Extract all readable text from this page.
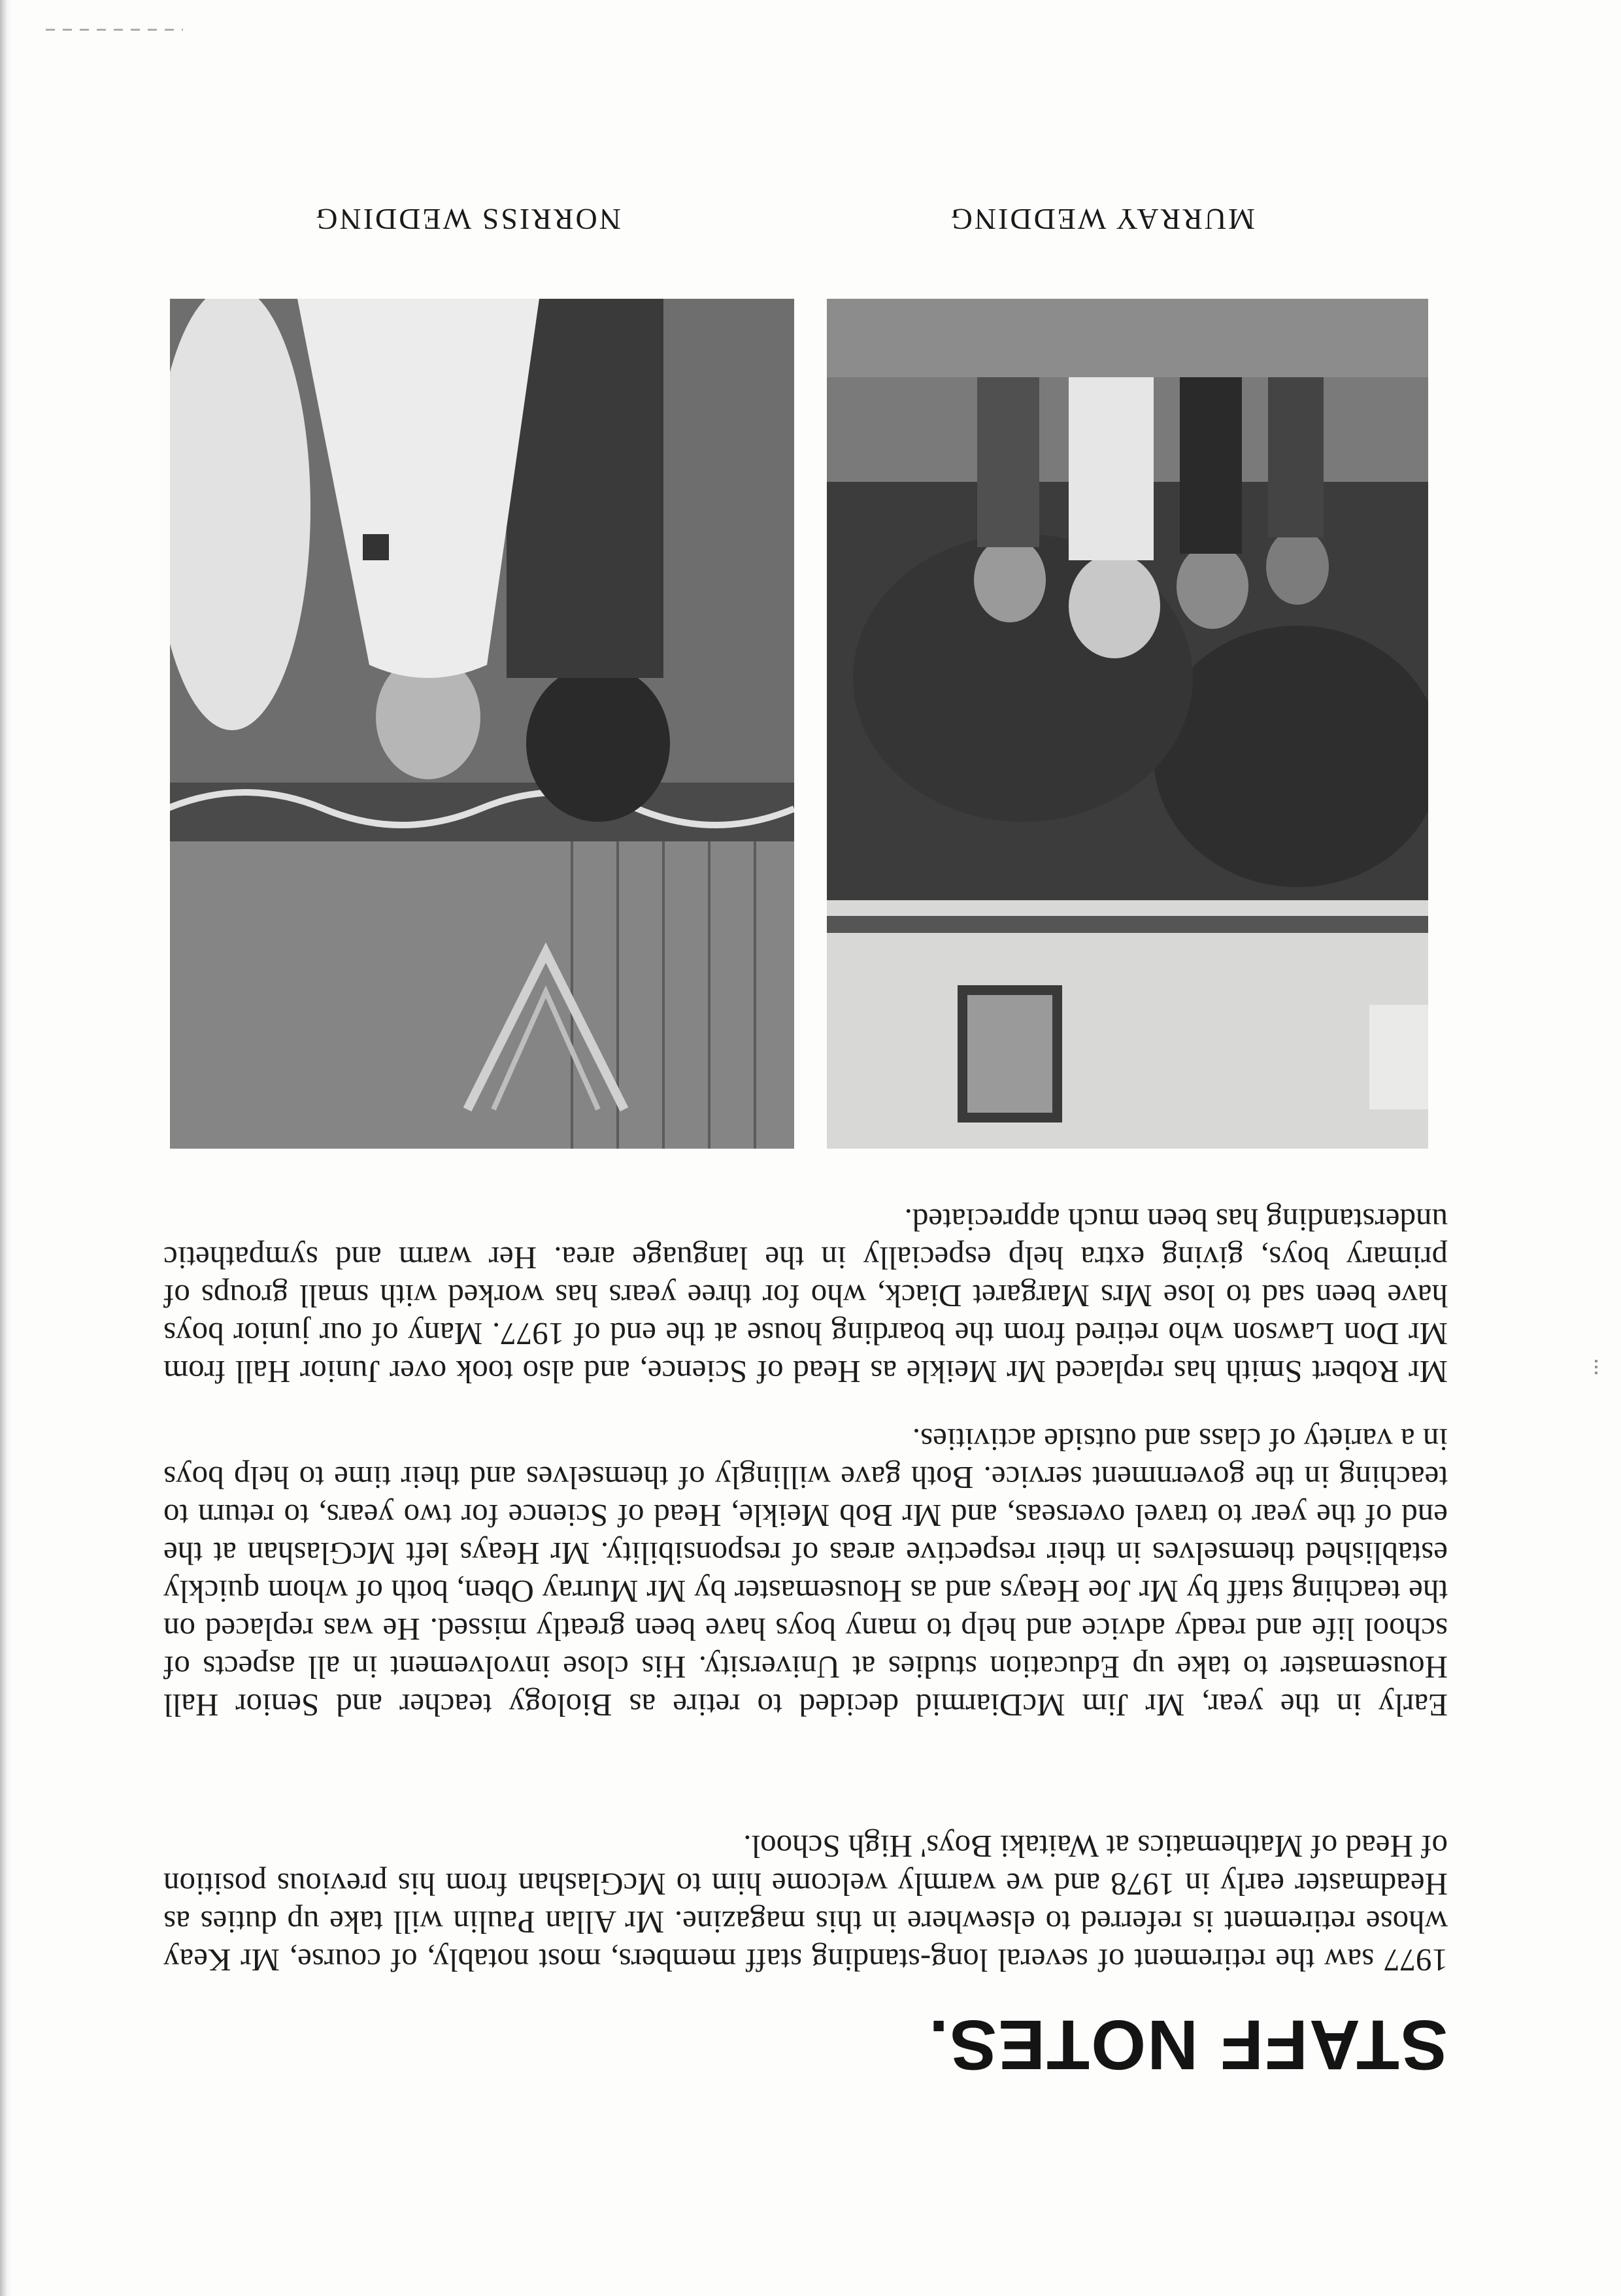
STAFF NOTES.

1977 saw the retirement of several long-standing staff members, most notably, of course, Mr Keay whose retirement is referred to elsewhere in this magazine. Mr Allan Paulin will take up duties as Headmaster early in 1978 and we warmly welcome him to McGlashan from his previous position of Head of Mathematics at Waitaki Boys' High School.

Early in the year, Mr Jim McDiarmid decided to retire as Biology teacher and Senior Hall Housemaster to take up Education studies at University. His close involvement in all aspects of school life and ready advice and help to many boys have been greatly missed. He was replaced on the teaching staff by Mr Joe Heays and as Housemaster by Mr Murray Oben, both of whom quickly established themselves in their respective areas of responsibility. Mr Heays left McGlashan at the end of the year to travel overseas, and Mr Bob Meikle, Head of Science for two years, to return to teaching in the government service. Both gave willingly of themselves and their time to help boys in a variety of class and outside activities.

Mr Robert Smith has replaced Mr Meikle as Head of Science, and also took over Junior Hall from Mr Don Lawson who retired from the boarding house at the end of 1977. Many of our junior boys have been sad to lose Mrs Margaret Diack, who for three years has worked with small groups of primary boys, giving extra help especially in the language area. Her warm and sympathetic understanding has been much appreciated.

MURRAY WEDDING
NORRISS WEDDING
